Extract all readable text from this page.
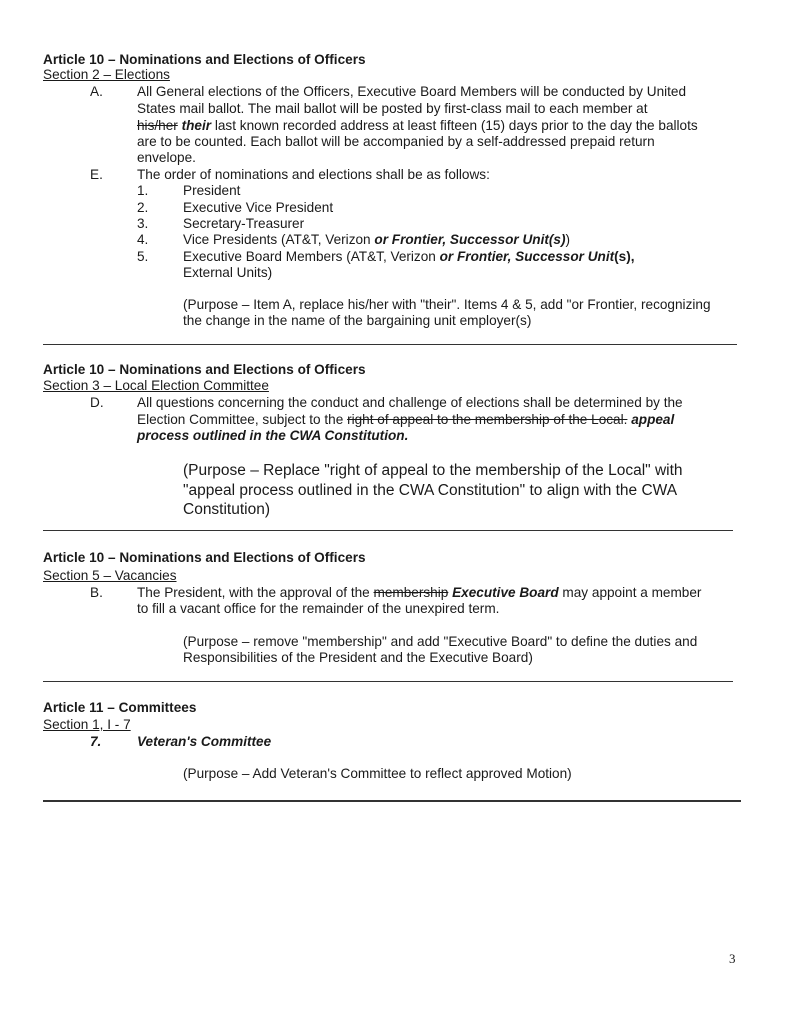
Article 10 – Nominations and Elections of Officers
Section 2 – Elections
A.	All General elections of the Officers, Executive Board Members will be conducted by United
States mail ballot. The mail ballot will be posted by first-class mail to each member at
his/her their last known recorded address at least fifteen (15) days prior to the day the ballots
are to be counted. Each ballot will be accompanied by a self-addressed prepaid return
envelope.
E.	The order of nominations and elections shall be as follows:
1.	President
2.	Executive Vice President
3.	Secretary-Treasurer
4.	Vice Presidents (AT&T, Verizon or Frontier, Successor Unit(s))
5.	Executive Board Members (AT&T, Verizon or Frontier, Successor Unit(s),
External Units)
(Purpose – Item A, replace his/her with "their". Items 4 & 5, add "or Frontier, recognizing
the change in the name of the bargaining unit employer(s)
Article 10 – Nominations and Elections of Officers
Section 3 – Local Election Committee
D. All questions concerning the conduct and challenge of elections shall be determined by the
Election Committee, subject to the right of appeal to the membership of the Local. appeal
process outlined in the CWA Constitution.
(Purpose – Replace "right of appeal to the membership of the Local" with
"appeal process outlined in the CWA Constitution" to align with the CWA
Constitution)
Article 10 – Nominations and Elections of Officers
Section 5 – Vacancies
B.	The President, with the approval of the membership Executive Board may appoint a member
to fill a vacant office for the remainder of the unexpired term.
(Purpose – remove "membership" and add "Executive Board" to define the duties and
Responsibilities of the President and the Executive Board)
Article 11 – Committees
Section 1, I - 7
7.	Veteran's Committee
(Purpose – Add Veteran's Committee to reflect approved Motion)
3
